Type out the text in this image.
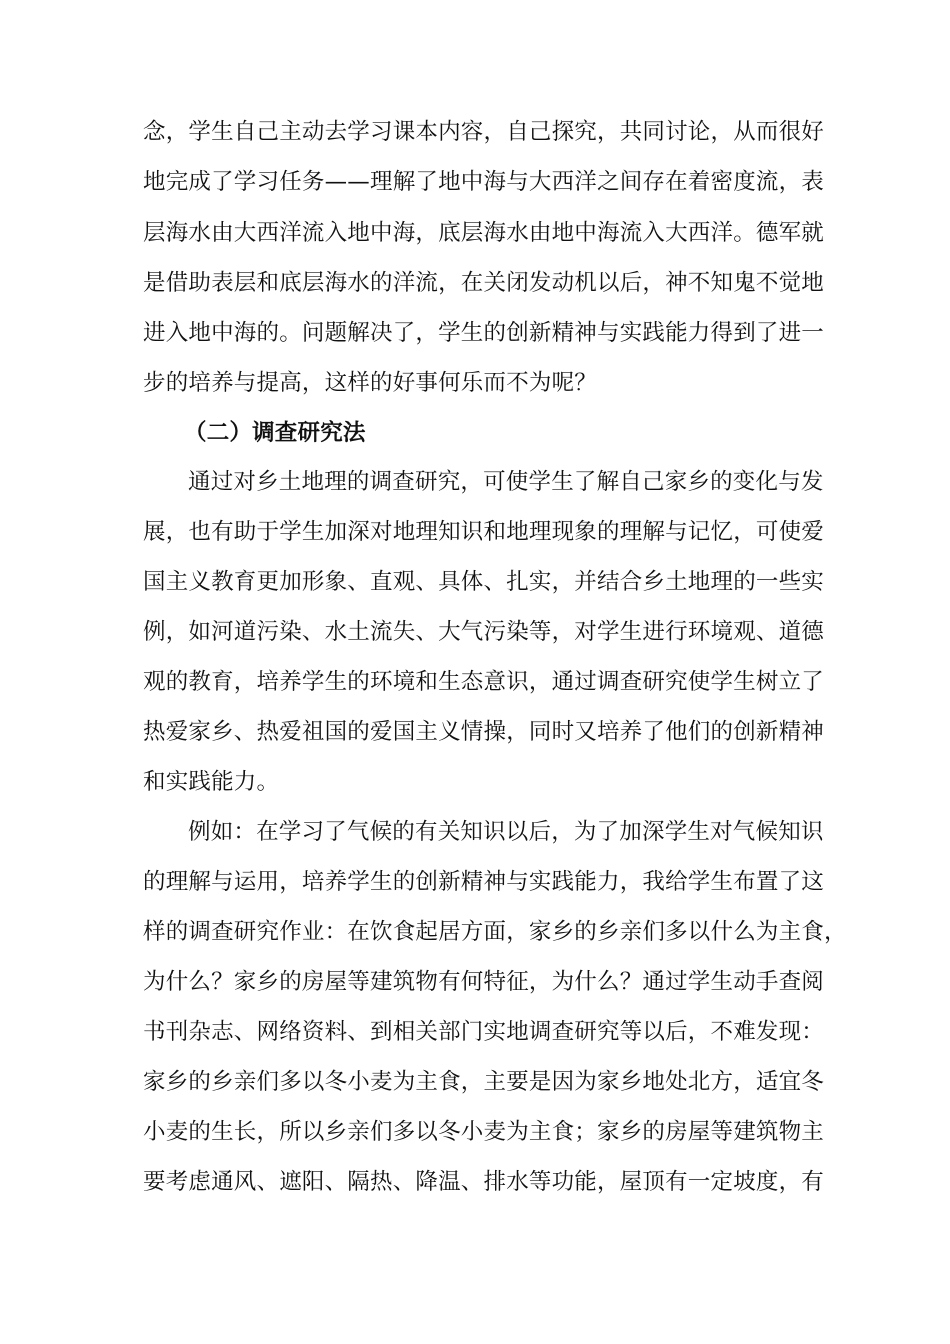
念，学生自己主动去学习课本内容，自己探究，共同讨论，从而很好
地完成了学习任务——理解了地中海与大西洋之间存在着密度流，表
层海水由大西洋流入地中海，底层海水由地中海流入大西洋。德军就
是借助表层和底层海水的洋流，在关闭发动机以后，神不知鬼不觉地
进入地中海的。问题解决了，学生的创新精神与实践能力得到了进一
步的培养与提高，这样的好事何乐而不为呢？
（二）调查研究法
通过对乡土地理的调查研究，可使学生了解自己家乡的变化与发
展，也有助于学生加深对地理知识和地理现象的理解与记忆，可使爱
国主义教育更加形象、直观、具体、扎实，并结合乡土地理的一些实
例，如河道污染、水土流失、大气污染等，对学生进行环境观、道德
观的教育，培养学生的环境和生态意识，通过调查研究使学生树立了
热爱家乡、热爱祖国的爱国主义情操，同时又培养了他们的创新精神
和实践能力。
例如：在学习了气候的有关知识以后，为了加深学生对气候知识
的理解与运用，培养学生的创新精神与实践能力，我给学生布置了这
样的调查研究作业：在饮食起居方面，家乡的乡亲们多以什么为主食，
为什么？家乡的房屋等建筑物有何特征，为什么？通过学生动手查阅
书刊杂志、网络资料、到相关部门实地调查研究等以后，不难发现：
家乡的乡亲们多以冬小麦为主食，主要是因为家乡地处北方，适宜冬
小麦的生长，所以乡亲们多以冬小麦为主食；家乡的房屋等建筑物主
要考虑通风、遮阳、隔热、降温、排水等功能，屋顶有一定坡度，有
